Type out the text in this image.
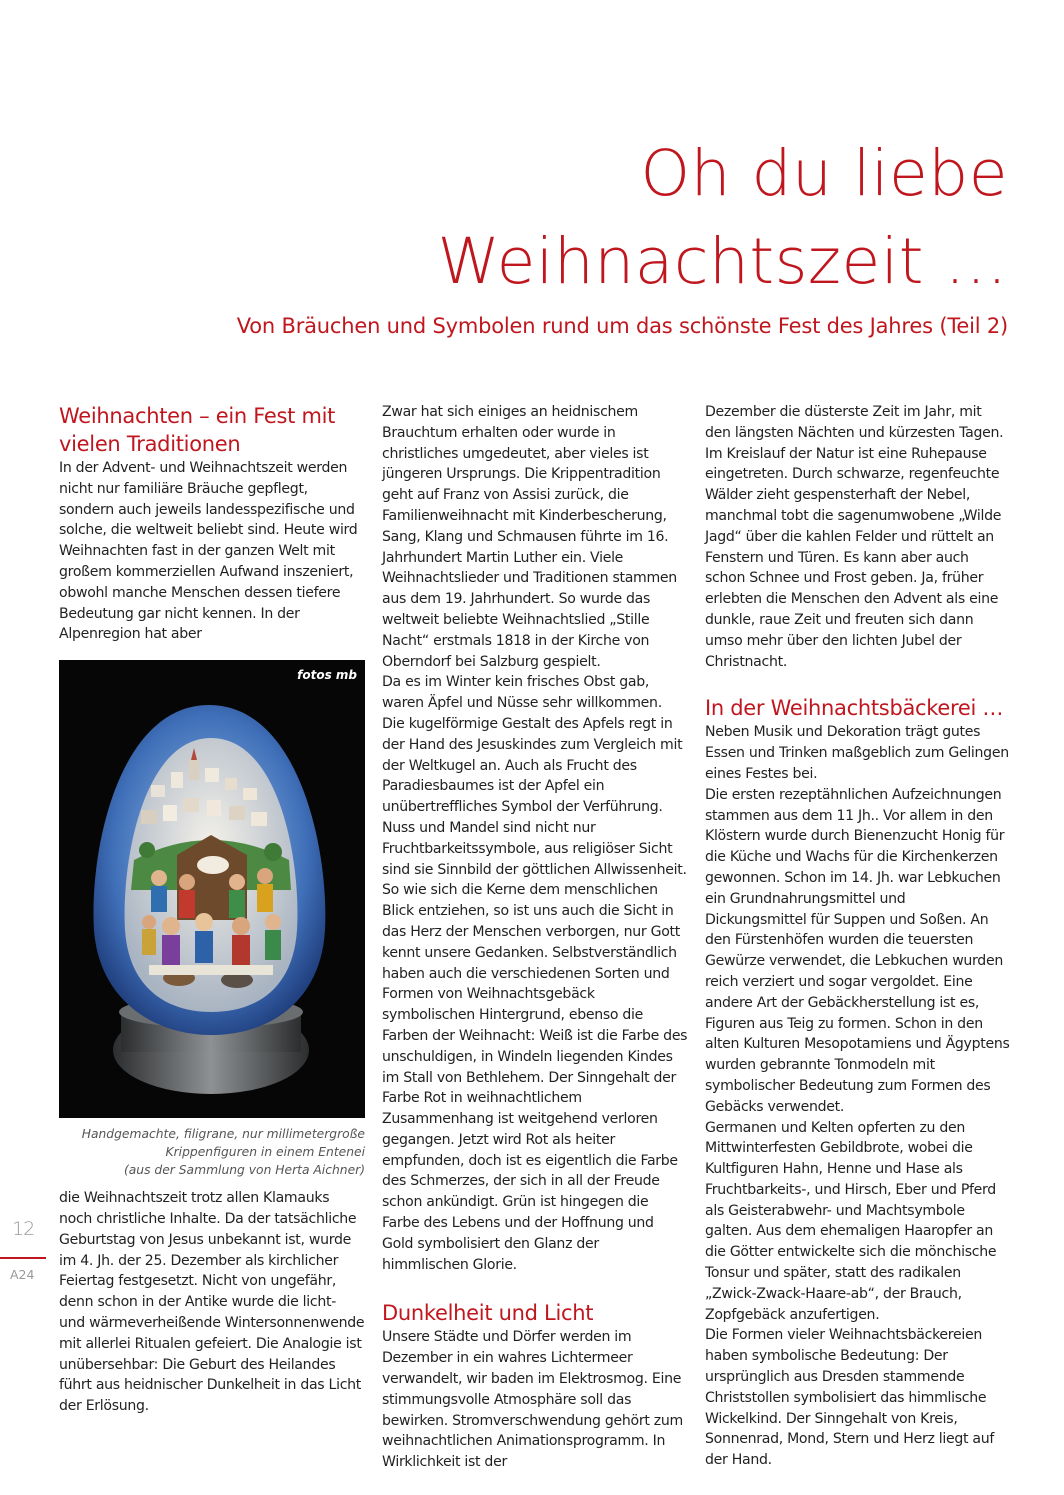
Oh du liebe
Weihnachtszeit …
Von Bräuchen und Symbolen rund um das schönste Fest des Jahres (Teil 2)
Weihnachten – ein Fest mit vielen Traditionen

In der Advent- und Weihnachtszeit werden nicht nur familiäre Bräuche gepflegt, sondern auch jeweils landesspezifische und solche, die weltweit beliebt sind. Heute wird Weihnachten fast in der ganzen Welt mit großem kommerziellen Aufwand inszeniert, obwohl manche Menschen dessen tiefere Bedeutung gar nicht kennen. In der Alpenregion hat aber

fotos mb
Handgemachte, filigrane, nur millimetergroße
Krippenfiguren in einem Entenei
(aus der Sammlung von Herta Aichner)

die Weihnachtszeit trotz allen Klamauks noch christliche Inhalte. Da der tatsächliche Geburtstag von Jesus unbekannt ist, wurde im 4. Jh. der 25. Dezember als kirchlicher Feiertag festgesetzt. Nicht von ungefähr, denn schon in der Antike wurde die licht- und wärmeverheißende Wintersonnenwende mit allerlei Ritualen gefeiert. Die Analogie ist unübersehbar: Die Geburt des Heilandes führt aus heidnischer Dunkelheit in das Licht der Erlösung.

Zwar hat sich einiges an heidnischem Brauchtum erhalten oder wurde in christliches umgedeutet, aber vieles ist jüngeren Ursprungs. Die Krippentradition geht auf Franz von Assisi zurück, die Familienweihnacht mit Kinderbescherung, Sang, Klang und Schmausen führte im 16. Jahrhundert Martin Luther ein. Viele Weihnachtslieder und Traditionen stammen aus dem 19. Jahrhundert. So wurde das weltweit beliebte Weihnachtslied „Stille Nacht“ erstmals 1818 in der Kirche von Oberndorf bei Salzburg gespielt.

Da es im Winter kein frisches Obst gab, waren Äpfel und Nüsse sehr willkommen. Die kugelförmige Gestalt des Apfels regt in der Hand des Jesuskindes zum Vergleich mit der Weltkugel an. Auch als Frucht des Paradiesbaumes ist der Apfel ein unübertreffliches Symbol der Verführung. Nuss und Mandel sind nicht nur Fruchtbarkeitssymbole, aus religiöser Sicht sind sie Sinnbild der göttlichen Allwissenheit. So wie sich die Kerne dem menschlichen Blick entziehen, so ist uns auch die Sicht in das Herz der Menschen verborgen, nur Gott kennt unsere Gedanken. Selbstverständlich haben auch die verschiedenen Sorten und Formen von Weihnachtsgebäck symbolischen Hintergrund, ebenso die Farben der Weihnacht: Weiß ist die Farbe des unschuldigen, in Windeln liegenden Kindes im Stall von Bethlehem. Der Sinngehalt der Farbe Rot in weihnachtlichem Zusammenhang ist weitgehend verloren gegangen. Jetzt wird Rot als heiter empfunden, doch ist es eigentlich die Farbe des Schmerzes, der sich in all der Freude schon ankündigt. Grün ist hingegen die Farbe des Lebens und der Hoffnung und Gold symbolisiert den Glanz der himmlischen Glorie.

Dunkelheit und Licht

Unsere Städte und Dörfer werden im Dezember in ein wahres Lichtermeer verwandelt, wir baden im Elektrosmog. Eine stimmungsvolle Atmosphäre soll das bewirken. Stromverschwendung gehört zum weihnachtlichen Animationsprogramm. In Wirklichkeit ist der

Dezember die düsterste Zeit im Jahr, mit den längsten Nächten und kürzesten Tagen. Im Kreislauf der Natur ist eine Ruhepause eingetreten. Durch schwarze, regenfeuchte Wälder zieht gespensterhaft der Nebel, manchmal tobt die sagenumwobene „Wilde Jagd“ über die kahlen Felder und rüttelt an Fenstern und Türen. Es kann aber auch schon Schnee und Frost geben. Ja, früher erlebten die Menschen den Advent als eine dunkle, raue Zeit und freuten sich dann umso mehr über den lichten Jubel der Christnacht.

In der Weihnachtsbäckerei …

Neben Musik und Dekoration trägt gutes Essen und Trinken maßgeblich zum Gelingen eines Festes bei.

Die ersten rezeptähnlichen Aufzeichnungen stammen aus dem 11 Jh.. Vor allem in den Klöstern wurde durch Bienenzucht Honig für die Küche und Wachs für die Kirchenkerzen gewonnen. Schon im 14. Jh. war Lebkuchen ein Grundnahrungsmittel und Dickungsmittel für Suppen und Soßen. An den Fürstenhöfen wurden die teuersten Gewürze verwendet, die Lebkuchen wurden reich verziert und sogar vergoldet. Eine andere Art der Gebäckherstellung ist es, Figuren aus Teig zu formen. Schon in den alten Kulturen Mesopotamiens und Ägyptens wurden gebrannte Tonmodeln mit symbolischer Bedeutung zum Formen des Gebäcks verwendet.

Germanen und Kelten opferten zu den Mittwinterfesten Gebildbrote, wobei die Kultfiguren Hahn, Henne und Hase als Fruchtbarkeits-, und Hirsch, Eber und Pferd als Geisterabwehr- und Machtsymbole galten. Aus dem ehemaligen Haaropfer an die Götter entwickelte sich die mönchische Tonsur und später, statt des radikalen „Zwick-Zwack-Haare-ab“, der Brauch, Zopfgebäck anzufertigen.

Die Formen vieler Weihnachtsbäckereien haben symbolische Bedeutung: Der ursprünglich aus Dresden stammende Christstollen symbolisiert das himmlische Wickelkind. Der Sinngehalt von Kreis, Sonnenrad, Mond, Stern und Herz liegt auf der Hand.

12
A24
